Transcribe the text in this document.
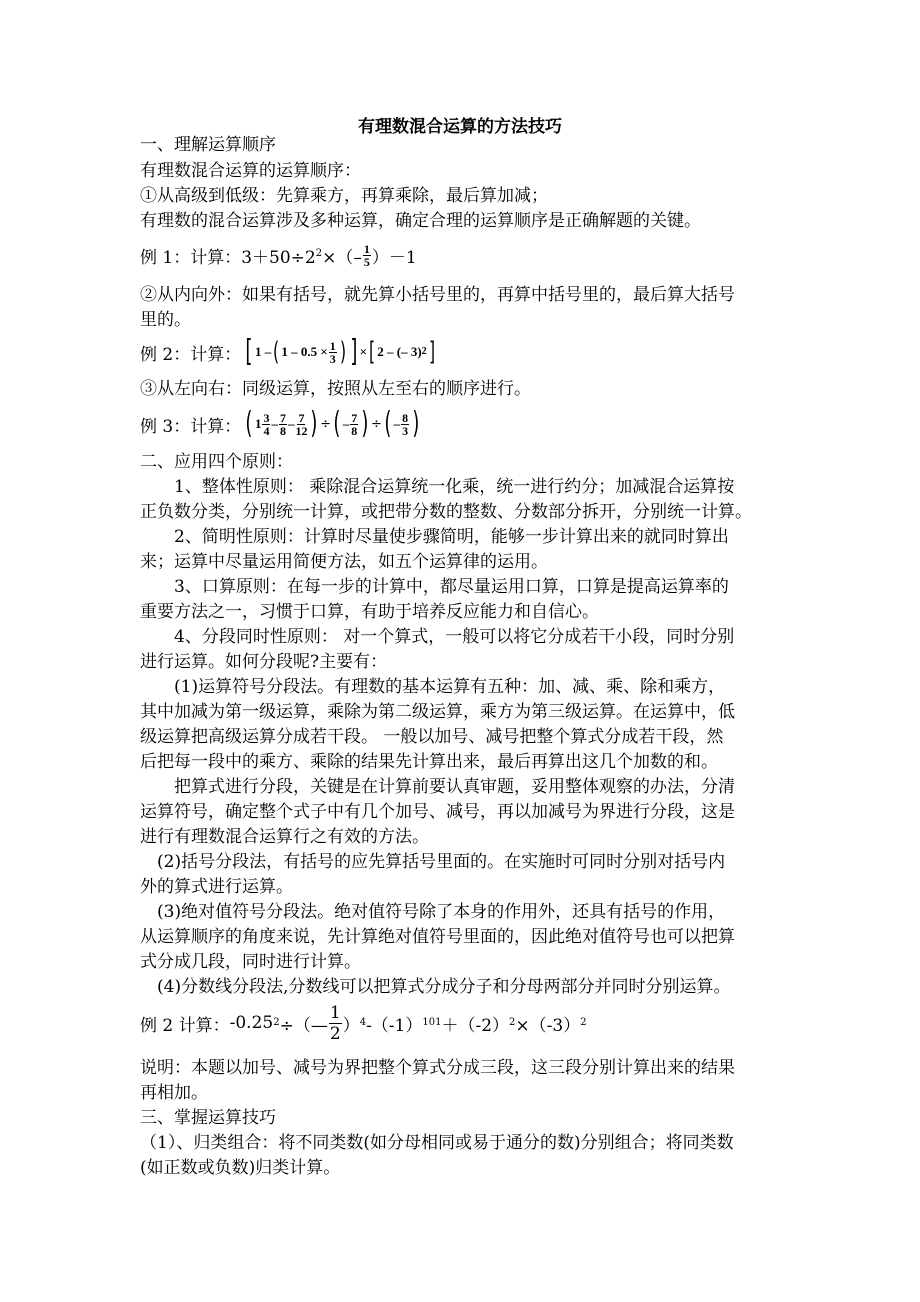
有理数混合运算的方法技巧
一、理解运算顺序
有理数混合运算的运算顺序：
①从高级到低级：先算乘方，再算乘除，最后算加减；
有理数的混合运算涉及多种运算，确定合理的运算顺序是正确解题的关键。
例 1：计算： $3+50\div 2^2\times(- \frac{1}{5} )-1$
②从内向外：如果有括号，就先算小括号里的，再算中括号里的，最后算大括号
里的。
例 2：计算： [ 1 – ( $1 - 0.5 \times \frac{1}{3}$ ) ] × [ 2 – (– 3) 2 ]
③从左向右：同级运算，按照从左至右的顺序进行。
例 3：计算： ( $1 \frac{3}{4} - \frac{7}{8} - \frac{7}{12}$ ) ÷ ( – $\frac{7}{8}$ ) ÷ ( – $\frac{8}{3}$ )
二、应用四个原则：
　　1、整体性原则： 乘除混合运算统一化乘，统一进行约分；加减混合运算按
正负数分类，分别统一计算，或把带分数的整数、分数部分拆开，分别统一计算。
　　2、简明性原则：计算时尽量使步骤简明，能够一步计算出来的就同时算出
来；运算中尽量运用简便方法，如五个运算律的运用。
　　3、口算原则：在每一步的计算中，都尽量运用口算，口算是提高运算率的
重要方法之一，习惯于口算，有助于培养反应能力和自信心。
　　4、分段同时性原则： 对一个算式，一般可以将它分成若干小段，同时分别
进行运算。如何分段呢?主要有：
　　(1)运算符号分段法。有理数的基本运算有五种：加、减、乘、除和乘方，
其中加减为第一级运算，乘除为第二级运算，乘方为第三级运算。在运算中，低
级运算把高级运算分成若干段。 一般以加号、减号把整个算式分成若干段，然
后把每一段中的乘方、乘除的结果先计算出来，最后再算出这几个加数的和。
　　把算式进行分段，关键是在计算前要认真审题，妥用整体观察的办法，分清
运算符号，确定整个式子中有几个加号、减号，再以加减号为界进行分段，这是
进行有理数混合运算行之有效的方法。
　(2)括号分段法，有括号的应先算括号里面的。在实施时可同时分别对括号内
外的算式进行运算。
　(3)绝对值符号分段法。绝对值符号除了本身的作用外，还具有括号的作用，
从运算顺序的角度来说，先计算绝对值符号里面的，因此绝对值符号也可以把算
式分成几段，同时进行计算。
　(4)分数线分段法,分数线可以把算式分成分子和分母两部分并同时分别运算。
例 2 计算： -0.25 2 ÷（— $\frac{1}{2}$ ） 4 -（-1） 101 ＋（-2） 2 ×（-3） 2
说明：本题以加号、减号为界把整个算式分成三段，这三段分别计算出来的结果
再相加。
三、掌握运算技巧
（1）、归类组合：将不同类数(如分母相同或易于通分的数)分别组合；将同类数
(如正数或负数)归类计算。
